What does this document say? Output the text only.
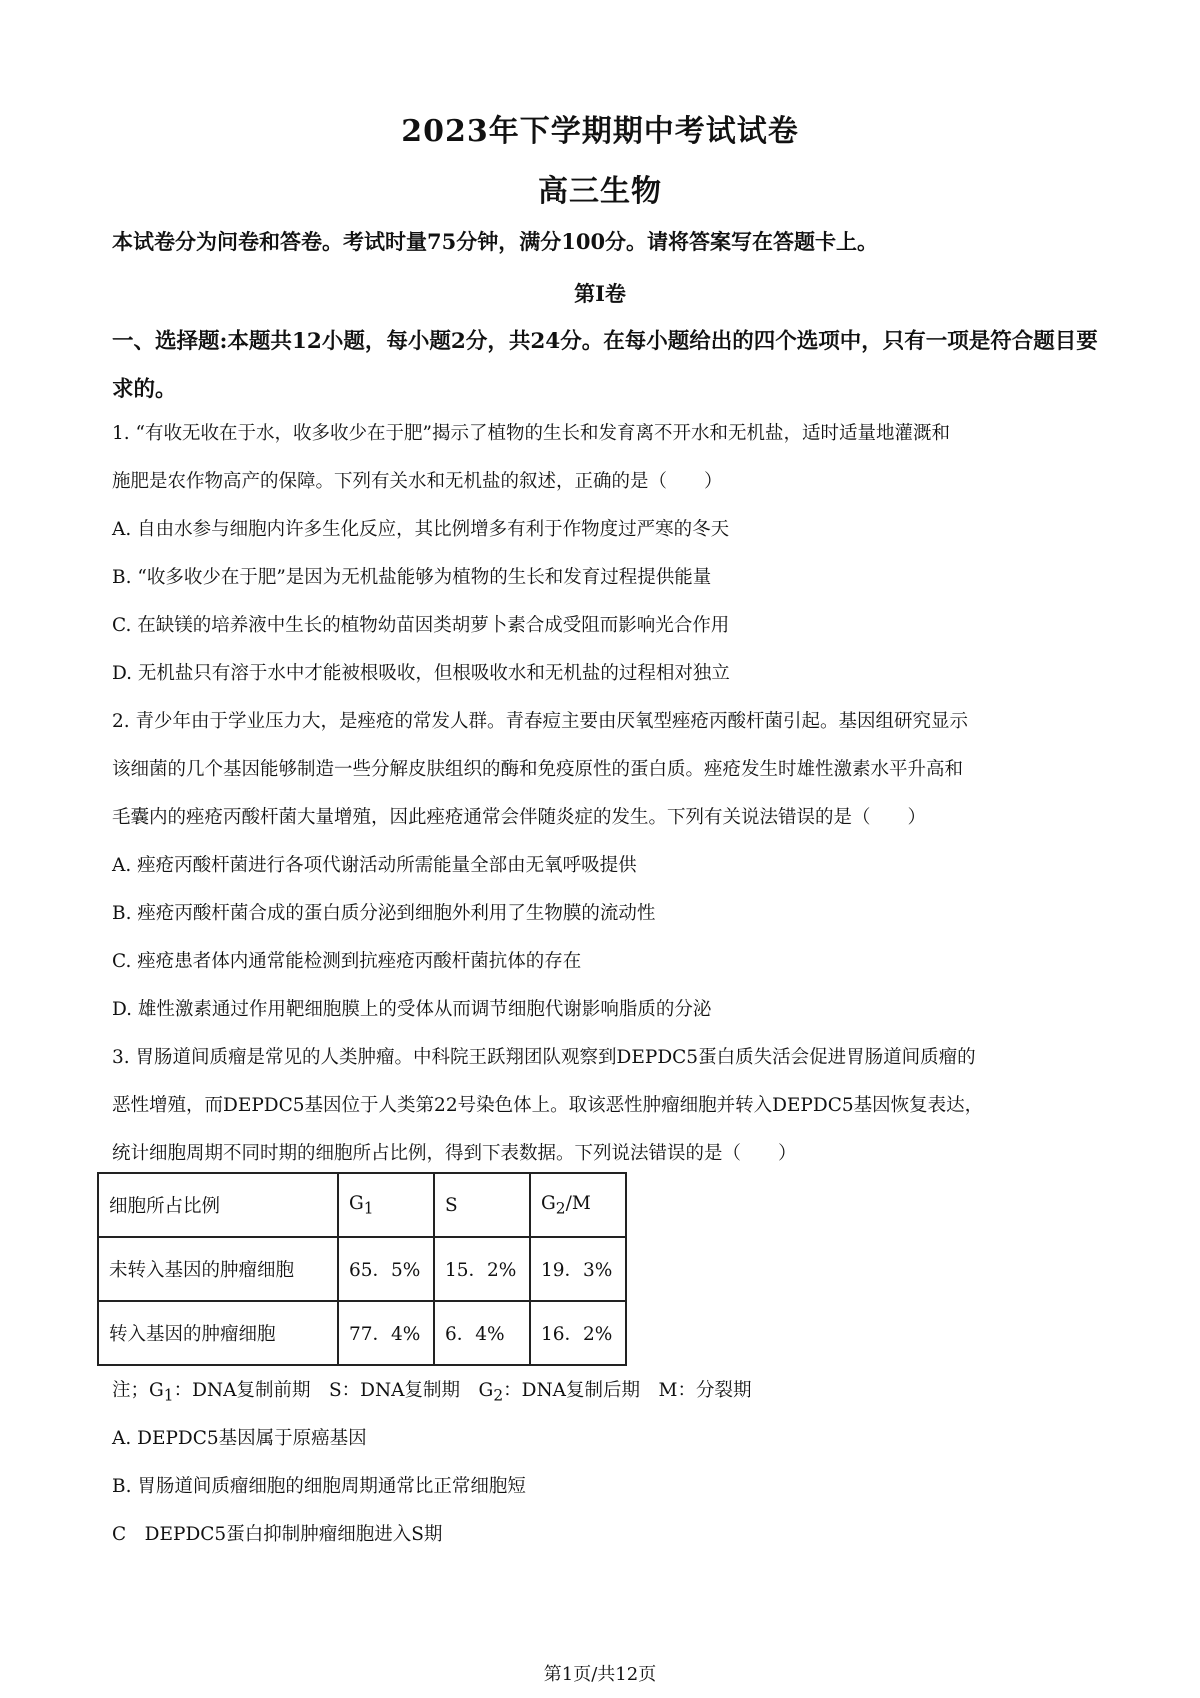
2023年下学期期中考试试卷
高三生物
本试卷分为问卷和答卷。考试时量75分钟，满分100分。请将答案写在答题卡上。
第I卷
一、选择题:本题共12小题，每小题2分，共24分。在每小题给出的四个选项中，只有一项是符合题目要求的。
1. “有收无收在于水，收多收少在于肥”揭示了植物的生长和发育离不开水和无机盐，适时适量地灌溉和
施肥是农作物高产的保障。下列有关水和无机盐的叙述，正确的是（　　）
A. 自由水参与细胞内许多生化反应，其比例增多有利于作物度过严寒的冬天
B. “收多收少在于肥”是因为无机盐能够为植物的生长和发育过程提供能量
C. 在缺镁的培养液中生长的植物幼苗因类胡萝卜素合成受阻而影响光合作用
D. 无机盐只有溶于水中才能被根吸收，但根吸收水和无机盐的过程相对独立
2. 青少年由于学业压力大，是痤疮的常发人群。青春痘主要由厌氧型痤疮丙酸杆菌引起。基因组研究显示
该细菌的几个基因能够制造一些分解皮肤组织的酶和免疫原性的蛋白质。痤疮发生时雄性激素水平升高和
毛囊内的痤疮丙酸杆菌大量增殖，因此痤疮通常会伴随炎症的发生。下列有关说法错误的是（　　）
A. 痤疮丙酸杆菌进行各项代谢活动所需能量全部由无氧呼吸提供
B. 痤疮丙酸杆菌合成的蛋白质分泌到细胞外利用了生物膜的流动性
C. 痤疮患者体内通常能检测到抗痤疮丙酸杆菌抗体的存在
D. 雄性激素通过作用靶细胞膜上的受体从而调节细胞代谢影响脂质的分泌
3. 胃肠道间质瘤是常见的人类肿瘤。中科院王跃翔团队观察到DEPDC5蛋白质失活会促进胃肠道间质瘤的
恶性增殖，而DEPDC5基因位于人类第22号染色体上。取该恶性肿瘤细胞并转入DEPDC5基因恢复表达，
统计细胞周期不同时期的细胞所占比例，得到下表数据。下列说法错误的是（　　）
细胞所占比例	$G_1$	S	$G_2/M$
未转入基因的肿瘤细胞	65．5%	15．2%	19．3%
转入基因的肿瘤细胞	77．4%	6．4%	16．2%
注；$G_1$：DNA复制前期　S：DNA复制期　$G_2$：DNA复制后期　M：分裂期
A. DEPDC5基因属于原癌基因
B. 胃肠道间质瘤细胞的细胞周期通常比正常细胞短
C　DEPDC5蛋白抑制肿瘤细胞进入S期
第1页/共12页
